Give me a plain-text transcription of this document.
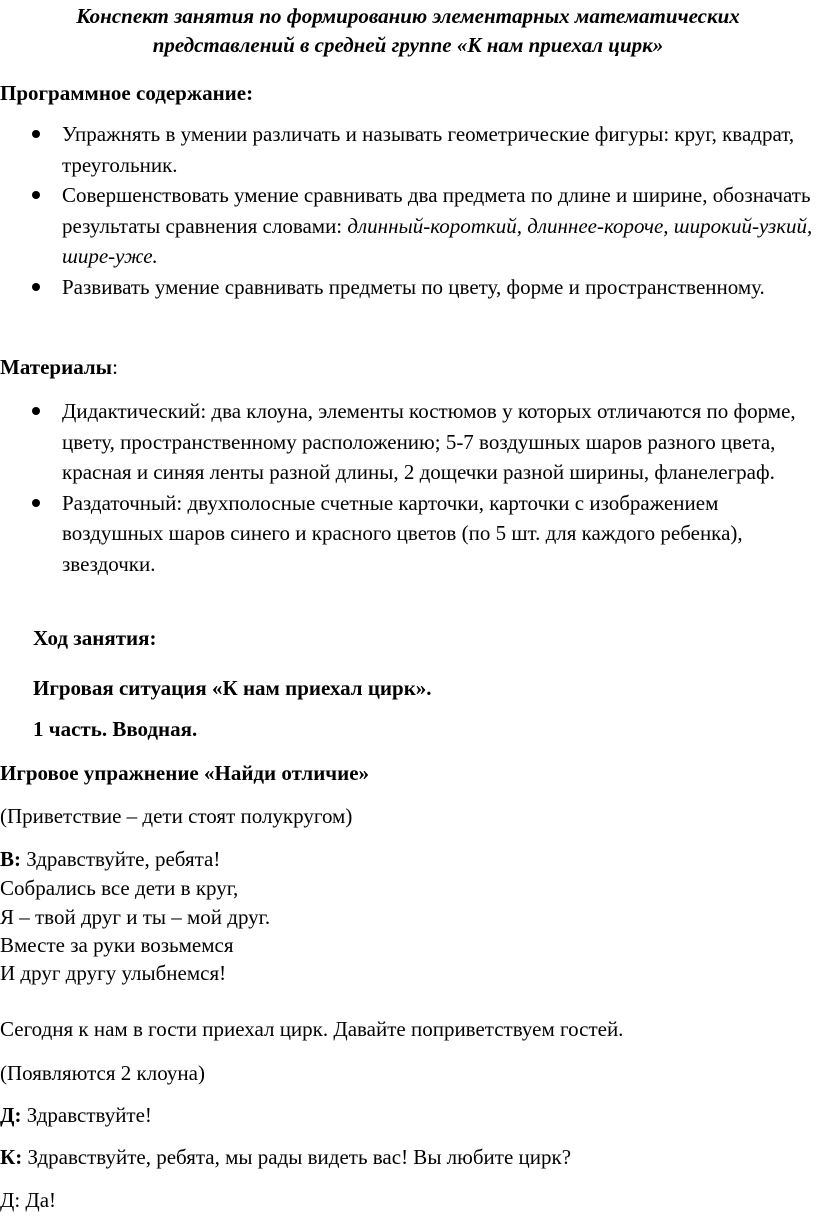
Конспект занятия по формированию элементарных математических
представлений в средней группе «К нам приехал цирк»
Программное содержание:

Упражнять в умении различать и называть геометрические фигуры: круг, квадрат, треугольник.

Совершенствовать умение сравнивать два предмета по длине и ширине, обозначать результаты сравнения словами: длинный-короткий, длиннее-короче, широкий-узкий, шире-уже.

Развивать умение сравнивать предметы по цвету, форме и пространственному.

Материалы:

Дидактический: два клоуна, элементы костюмов у которых отличаются по форме, цвету, пространственному расположению; 5-7 воздушных шаров разного цвета, красная и синяя ленты разной длины, 2 дощечки разной ширины, фланелеграф.

Раздаточный: двухполосные счетные карточки, карточки с изображением воздушных шаров синего и красного цветов (по 5 шт. для каждого ребенка), звездочки.

Ход занятия:
Игровая ситуация «К нам приехал цирк».
1 часть. Вводная.
Игровое упражнение «Найди отличие»
(Приветствие – дети стоят полукругом)
В: Здравствуйте, ребята!
Собрались все дети в круг,
Я – твой друг и ты – мой друг.
Вместе за руки возьмемся
И друг другу улыбнемся!
Сегодня к нам в гости приехал цирк. Давайте поприветствуем гостей.
(Появляются 2 клоуна)
Д: Здравствуйте!
К: Здравствуйте, ребята, мы рады видеть вас! Вы любите цирк?
Д: Да!
